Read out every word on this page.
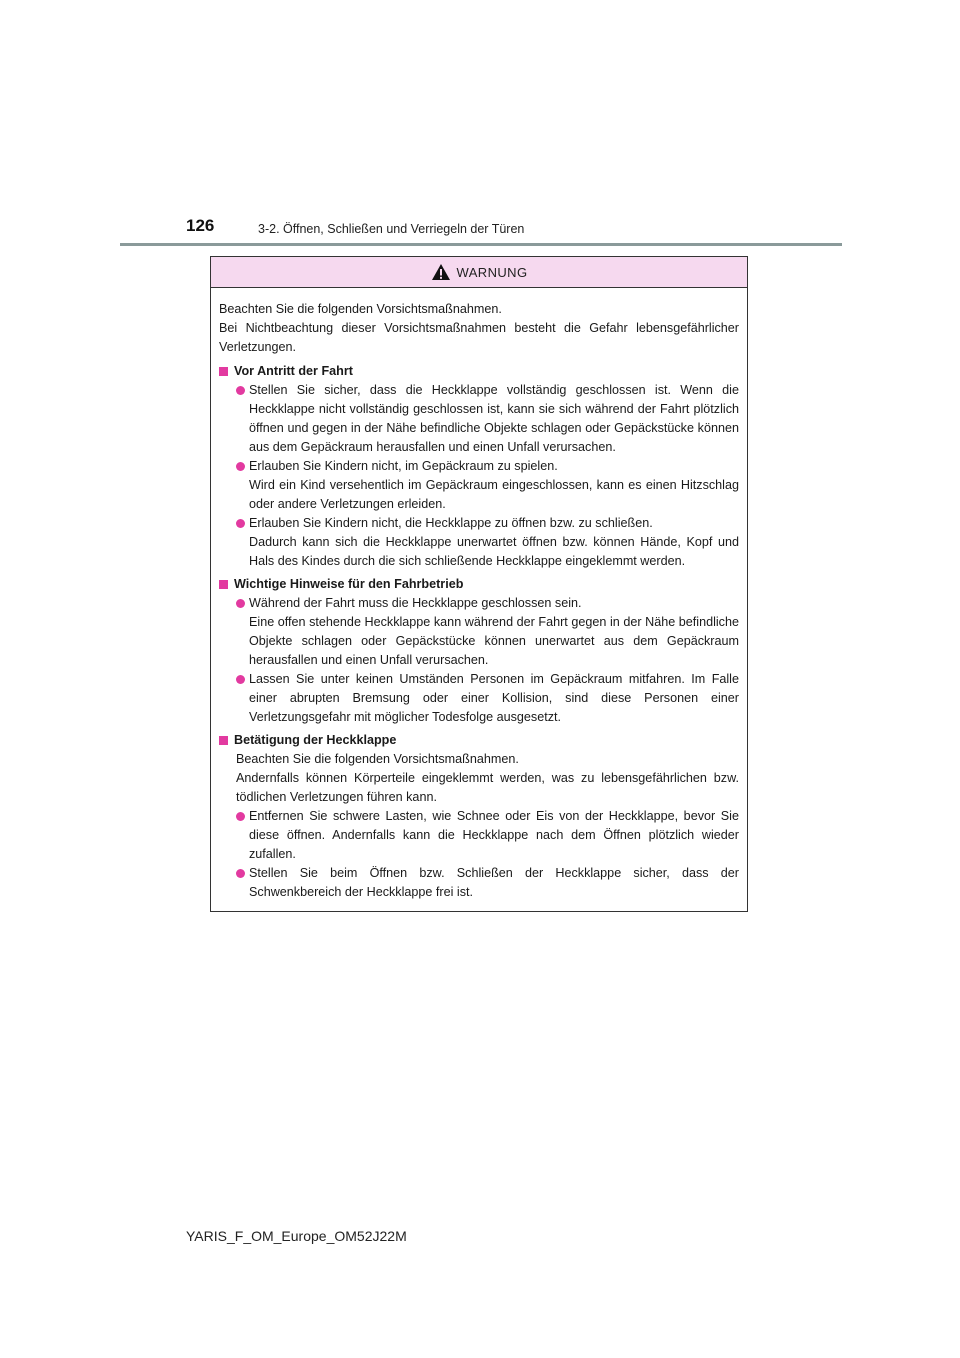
126	3-2. Öffnen, Schließen und Verriegeln der Türen
WARNUNG

Beachten Sie die folgenden Vorsichtsmaßnahmen.

Bei Nichtbeachtung dieser Vorsichtsmaßnahmen besteht die Gefahr lebensgefährlicher Verletzungen.

Vor Antritt der Fahrt

Stellen Sie sicher, dass die Heckklappe vollständig geschlossen ist. Wenn die Heckklappe nicht vollständig geschlossen ist, kann sie sich während der Fahrt plötzlich öffnen und gegen in der Nähe befindliche Objekte schlagen oder Gepäckstücke können aus dem Gepäckraum herausfallen und einen Unfall verursachen.

Erlauben Sie Kindern nicht, im Gepäckraum zu spielen.
Wird ein Kind versehentlich im Gepäckraum eingeschlossen, kann es einen Hitzschlag oder andere Verletzungen erleiden.

Erlauben Sie Kindern nicht, die Heckklappe zu öffnen bzw. zu schließen.
Dadurch kann sich die Heckklappe unerwartet öffnen bzw. können Hände, Kopf und Hals des Kindes durch die sich schließende Heckklappe eingeklemmt werden.

Wichtige Hinweise für den Fahrbetrieb

Während der Fahrt muss die Heckklappe geschlossen sein.
Eine offen stehende Heckklappe kann während der Fahrt gegen in der Nähe befindliche Objekte schlagen oder Gepäckstücke können unerwartet aus dem Gepäckraum herausfallen und einen Unfall verursachen.

Lassen Sie unter keinen Umständen Personen im Gepäckraum mitfahren. Im Falle einer abrupten Bremsung oder einer Kollision, sind diese Personen einer Verletzungsgefahr mit möglicher Todesfolge ausgesetzt.

Betätigung der Heckklappe

Beachten Sie die folgenden Vorsichtsmaßnahmen.
Andernfalls können Körperteile eingeklemmt werden, was zu lebensgefährlichen bzw. tödlichen Verletzungen führen kann.

Entfernen Sie schwere Lasten, wie Schnee oder Eis von der Heckklappe, bevor Sie diese öffnen. Andernfalls kann die Heckklappe nach dem Öffnen plötzlich wieder zufallen.

Stellen Sie beim Öffnen bzw. Schließen der Heckklappe sicher, dass der Schwenkbereich der Heckklappe frei ist.

YARIS_F_OM_Europe_OM52J22M
